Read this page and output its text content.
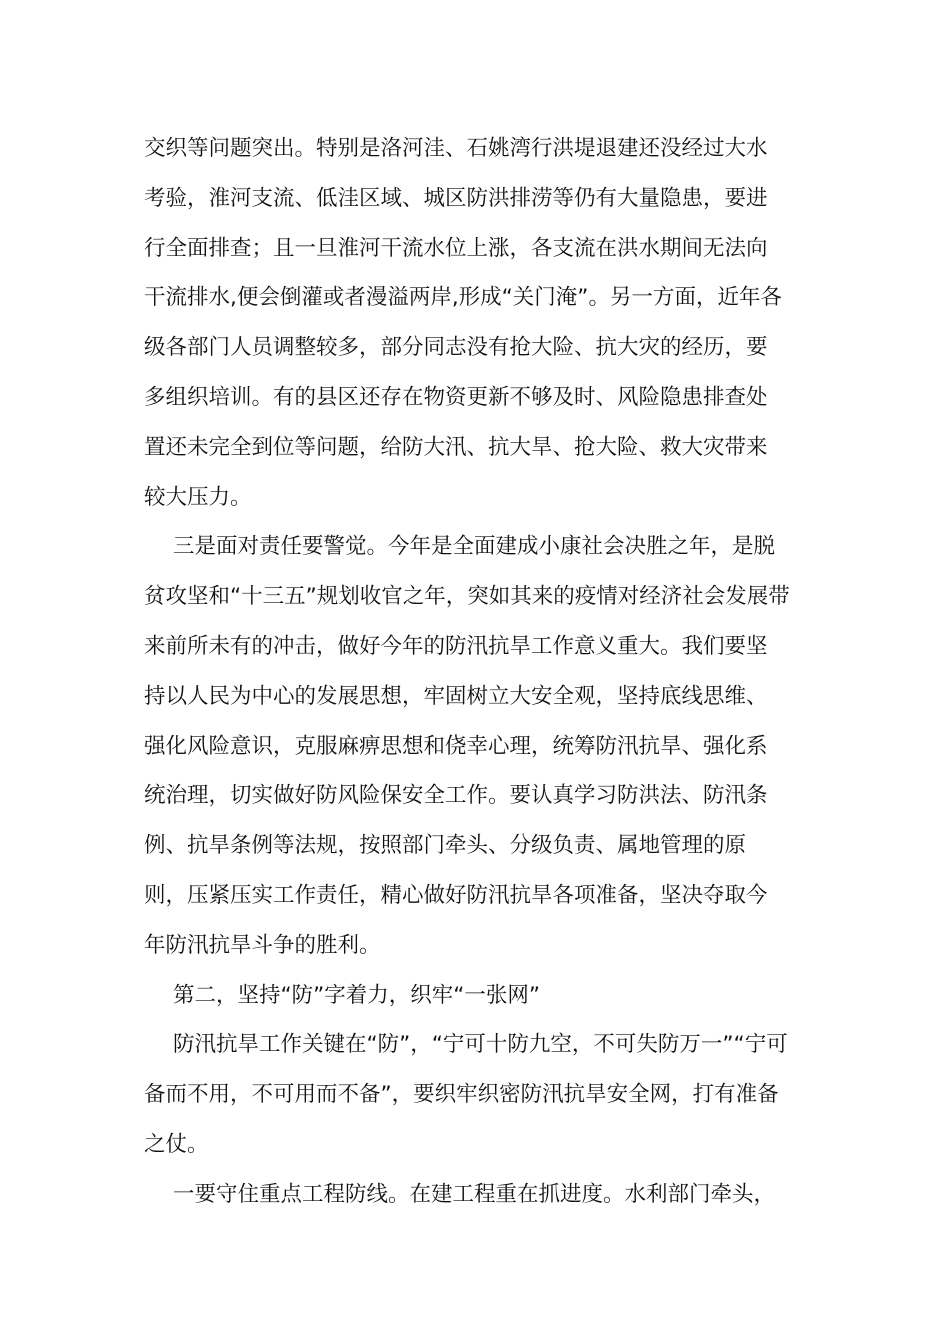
交织等问题突出。特别是洛河洼、石姚湾行洪堤退建还没经过大水
考验，淮河支流、低洼区域、城区防洪排涝等仍有大量隐患，要进
行全面排查；且一旦淮河干流水位上涨，各支流在洪水期间无法向
干流排水,便会倒灌或者漫溢两岸,形成“关门淹”。另一方面，近年各
级各部门人员调整较多，部分同志没有抢大险、抗大灾的经历，要
多组织培训。有的县区还存在物资更新不够及时、风险隐患排查处
置还未完全到位等问题，给防大汛、抗大旱、抢大险、救大灾带来
较大压力。
三是面对责任要警觉。今年是全面建成小康社会决胜之年，是脱
贫攻坚和“十三五”规划收官之年，突如其来的疫情对经济社会发展带
来前所未有的冲击，做好今年的防汛抗旱工作意义重大。我们要坚
持以人民为中心的发展思想，牢固树立大安全观，坚持底线思维、
强化风险意识，克服麻痹思想和侥幸心理，统筹防汛抗旱、强化系
统治理，切实做好防风险保安全工作。要认真学习防洪法、防汛条
例、抗旱条例等法规，按照部门牵头、分级负责、属地管理的原
则，压紧压实工作责任，精心做好防汛抗旱各项准备，坚决夺取今
年防汛抗旱斗争的胜利。
第二，坚持“防”字着力，织牢“一张网”
防汛抗旱工作关键在“防”，“宁可十防九空，不可失防万一”“宁可
备而不用，不可用而不备”，要织牢织密防汛抗旱安全网，打有准备
之仗。
一要守住重点工程防线。在建工程重在抓进度。水利部门牵头，
